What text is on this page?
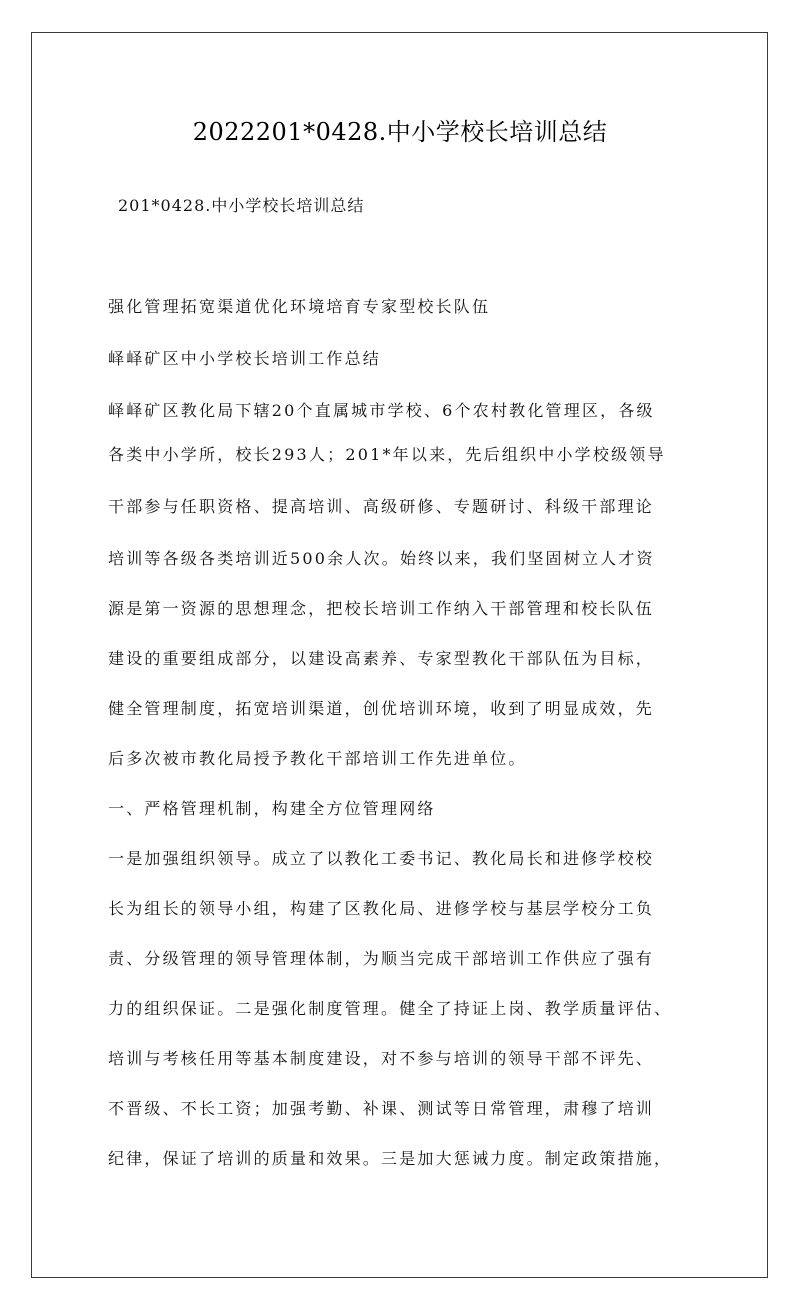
2022201*0428.中小学校长培训总结
201*0428.中小学校长培训总结
强化管理拓宽渠道优化环境培育专家型校长队伍
峄峄矿区中小学校长培训工作总结
峄峄矿区教化局下辖20个直属城市学校、6个农村教化管理区，各级
各类中小学所，校长293人；201*年以来，先后组织中小学校级领导
干部参与任职资格、提高培训、高级研修、专题研讨、科级干部理论
培训等各级各类培训近500余人次。始终以来，我们坚固树立人才资
源是第一资源的思想理念，把校长培训工作纳入干部管理和校长队伍
建设的重要组成部分，以建设高素养、专家型教化干部队伍为目标，
健全管理制度，拓宽培训渠道，创优培训环境，收到了明显成效，先
后多次被市教化局授予教化干部培训工作先进单位。
一、严格管理机制，构建全方位管理网络
一是加强组织领导。成立了以教化工委书记、教化局长和进修学校校
长为组长的领导小组，构建了区教化局、进修学校与基层学校分工负
责、分级管理的领导管理体制，为顺当完成干部培训工作供应了强有
力的组织保证。二是强化制度管理。健全了持证上岗、教学质量评估、
培训与考核任用等基本制度建设，对不参与培训的领导干部不评先、
不晋级、不长工资；加强考勤、补课、测试等日常管理，肃穆了培训
纪律，保证了培训的质量和效果。三是加大惩诫力度。制定政策措施，
